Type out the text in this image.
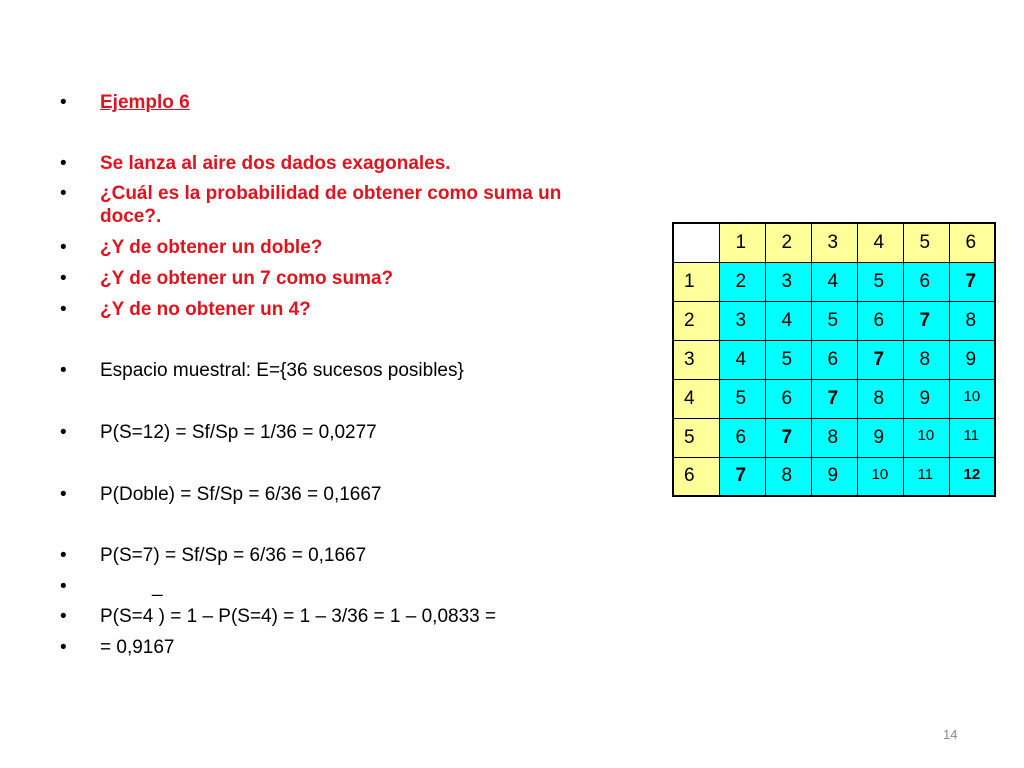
• Ejemplo 6
• Se lanza al aire dos dados exagonales.
• ¿Cuál es la probabilidad de obtener como suma un
doce?.
• ¿Y de obtener un doble?
• ¿Y de obtener un 7 como suma?
• ¿Y de no obtener un 4?
• Espacio muestral: E={36 sucesos posibles}
• P(S=12) = Sf/Sp = 1/36 = 0,0277
• P(Doble) = Sf/Sp = 6/36 = 0,1667
• P(S=7) = Sf/Sp = 6/36 = 0,1667
•	_
• P(S=4 ) = 1 – P(S=4) = 1 – 3/36 = 1 – 0,0833 =
• = 0,9167
	1	2	3	4	5	6
1	2	3	4	5	6	7
2	3	4	5	6	7	8
3	4	5	6	7	8	9
4	5	6	7	8	9	10
5	6	7	8	9	10	11
6	7	8	9	10	11	12
14
